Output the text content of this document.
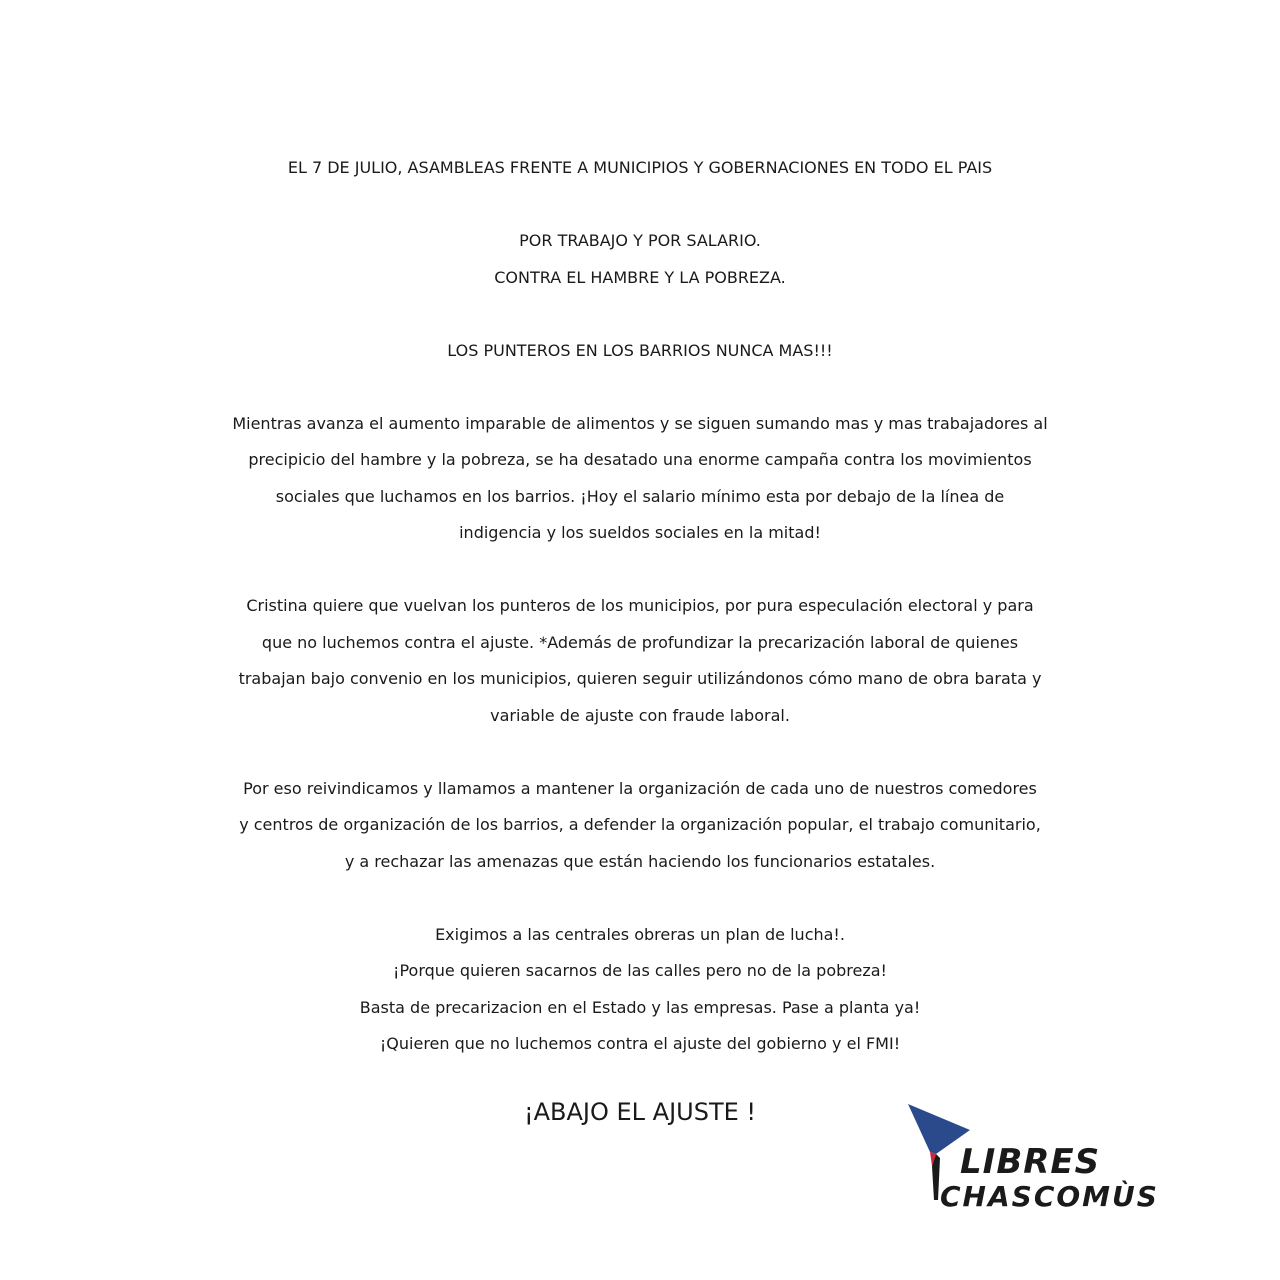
EL 7 DE JULIO, ASAMBLEAS FRENTE A MUNICIPIOS Y GOBERNACIONES EN TODO EL PAIS
POR TRABAJO Y POR SALARIO.
CONTRA EL HAMBRE Y LA POBREZA.
LOS PUNTEROS EN LOS BARRIOS NUNCA MAS!!!
Mientras avanza el aumento imparable de alimentos y se siguen sumando mas y mas trabajadores al
precipicio del hambre y la pobreza, se ha desatado una enorme campaña contra los movimientos
sociales que luchamos en los barrios. ¡Hoy el salario mínimo esta por debajo de la línea de
indigencia y los sueldos sociales en la mitad!
Cristina quiere que vuelvan los punteros de los municipios, por pura especulación electoral y para
que no luchemos contra el ajuste. *Además de profundizar la precarización laboral de quienes
trabajan bajo convenio en los municipios, quieren seguir utilizándonos cómo mano de obra barata y
variable de ajuste con fraude laboral.
Por eso reivindicamos y llamamos a mantener la organización de cada uno de nuestros comedores
y centros de organización de los barrios, a defender la organización popular, el trabajo comunitario,
y a rechazar las amenazas que están haciendo los funcionarios estatales.
Exigimos a las centrales obreras un plan de lucha!.
¡Porque quieren sacarnos de las calles pero no de la pobreza!
Basta de precarizacion en el Estado y las empresas. Pase a planta ya!
¡Quieren que no luchemos contra el ajuste del gobierno y el FMI!
¡ABAJO EL AJUSTE !
LIBRES
CHASCOMÙS
